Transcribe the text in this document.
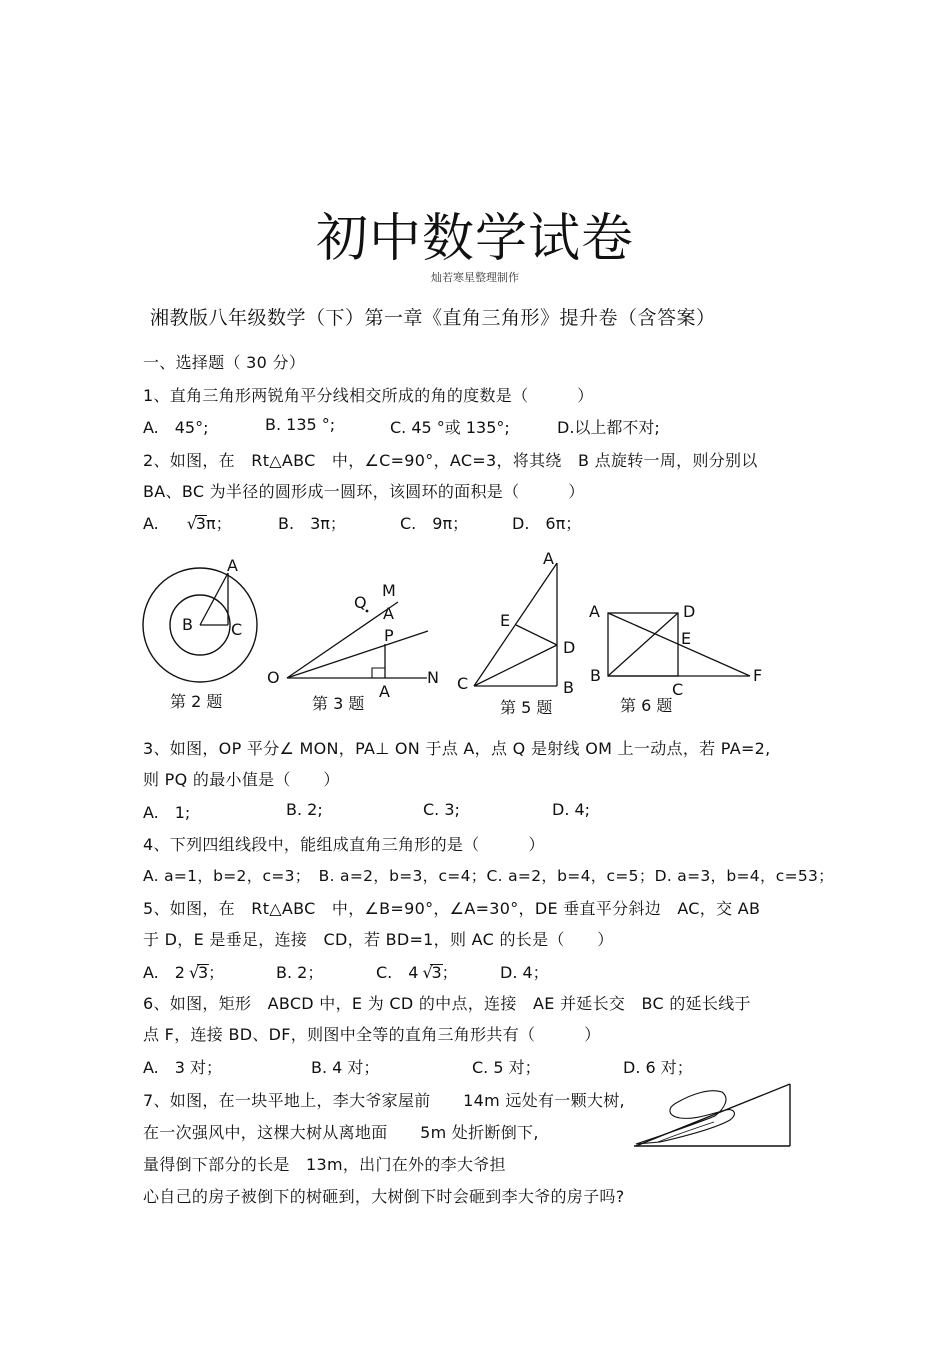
初中数学试卷
灿若寒星整理制作
湘教版八年级数学（下）第一章《直角三角形》提升卷（含答案）
一、选择题（ 30 分）
1、直角三角形两锐角平分线相交所成的角的度数是（　　　）
A.　45°;	B. 135 °;	C. 45 °或 135°;	D.以上都不对;
2、如图，在　Rt△ABC　中，∠C=90°，AC=3，将其绕　B 点旋转一周，则分别以
BA、BC 为半径的圆形成一圆环，该圆环的面积是（　　　）
A. √
3π；	B.　3π；	C.　9π；	D.　6π；
A
B C
第 2 题
M
Q
A
P
O
A
N
第 3 题
A
E
D
C	B
第 5 题
A	D
E
B
C
F
第 6 题
3、如图，OP 平分∠ MON，PA⊥ ON 于点 A，点 Q 是射线 OM 上一动点，若 PA=2,
则 PQ 的最小值是（　　）
A.　1;	B. 2;	C. 3;	D. 4;
4、下列四组线段中，能组成直角三角形的是（　　　）
A. a=1，b=2，c=3；　B. a=2，b=3，c=4；C. a=2，b=4，c=5；D. a=3，b=4，c=53；
5、如图，在　Rt△ABC　中，∠B=90°，∠A=30°，DE 垂直平分斜边　AC，交 AB
于 D，E 是垂足，连接　CD，若 BD=1，则 AC 的长是（　　）
A.　2 √
3；	B. 2；	C.　4 √
3；	D. 4；
6、如图，矩形　ABCD 中，E 为 CD 的中点，连接　AE 并延长交　BC 的延长线于
点 F，连接 BD、DF，则图中全等的直角三角形共有（　　　）
A.　3 对；	B. 4 对；	C. 5 对；	D. 6 对；
7、如图，在一块平地上，李大爷家屋前　　14m 远处有一颗大树,
在一次强风中，这棵大树从离地面　　5m 处折断倒下,
量得倒下部分的长是　13m，出门在外的李大爷担
心自己的房子被倒下的树砸到，大树倒下时会砸到李大爷的房子吗?
